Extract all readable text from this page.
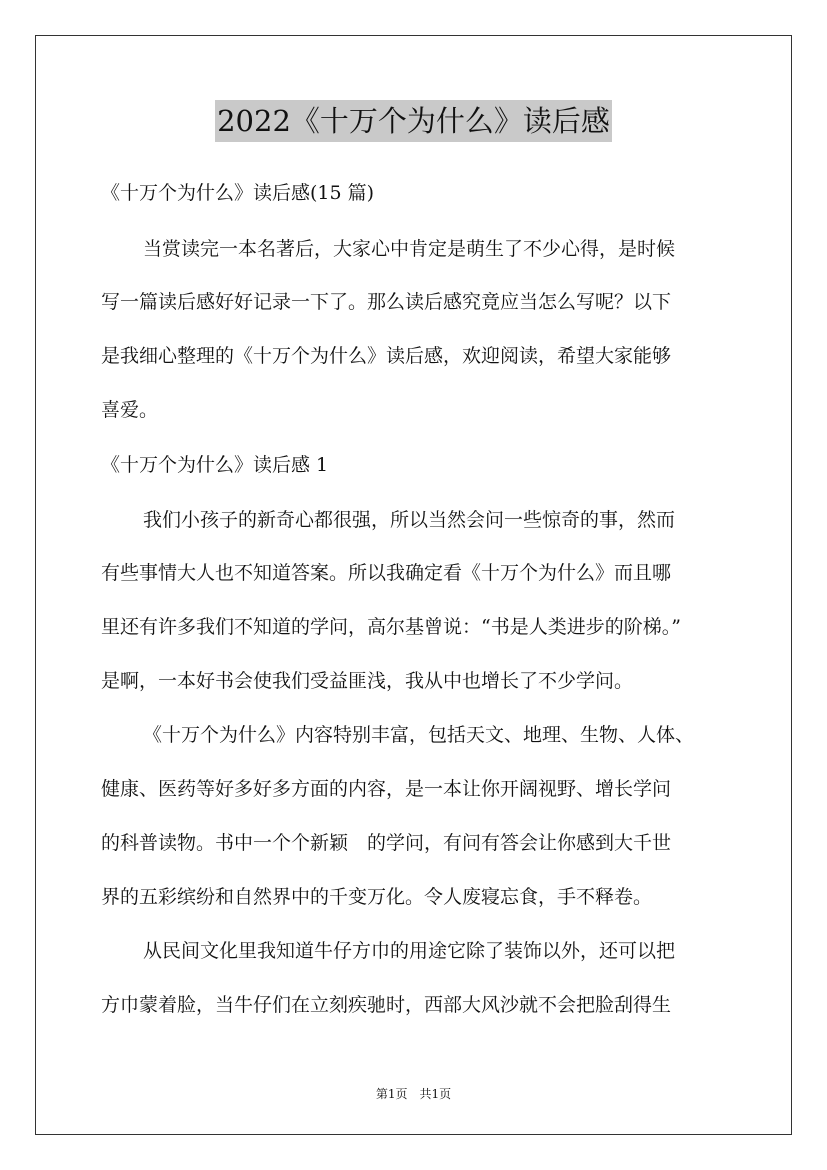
2022《十万个为什么》读后感
《十万个为什么》读后感(15 篇)
当赏读完一本名著后，大家心中肯定是萌生了不少心得，是时候
写一篇读后感好好记录一下了。那么读后感究竟应当怎么写呢？以下
是我细心整理的《十万个为什么》读后感，欢迎阅读，希望大家能够
喜爱。
《十万个为什么》读后感 1
我们小孩子的新奇心都很强，所以当然会问一些惊奇的事，然而
有些事情大人也不知道答案。所以我确定看《十万个为什么》而且哪
里还有许多我们不知道的学问，高尔基曾说：“书是人类进步的阶梯。”
是啊，一本好书会使我们受益匪浅，我从中也增长了不少学问。
《十万个为什么》内容特别丰富，包括天文、地理、生物、人体、
健康、医药等好多好多方面的内容，是一本让你开阔视野、增长学问
的科普读物。书中一个个新颖　的学问，有问有答会让你感到大千世
界的五彩缤纷和自然界中的千变万化。令人废寝忘食，手不释卷。
从民间文化里我知道牛仔方巾的用途它除了装饰以外，还可以把
方巾蒙着脸，当牛仔们在立刻疾驰时，西部大风沙就不会把脸刮得生
第1页　共1页
